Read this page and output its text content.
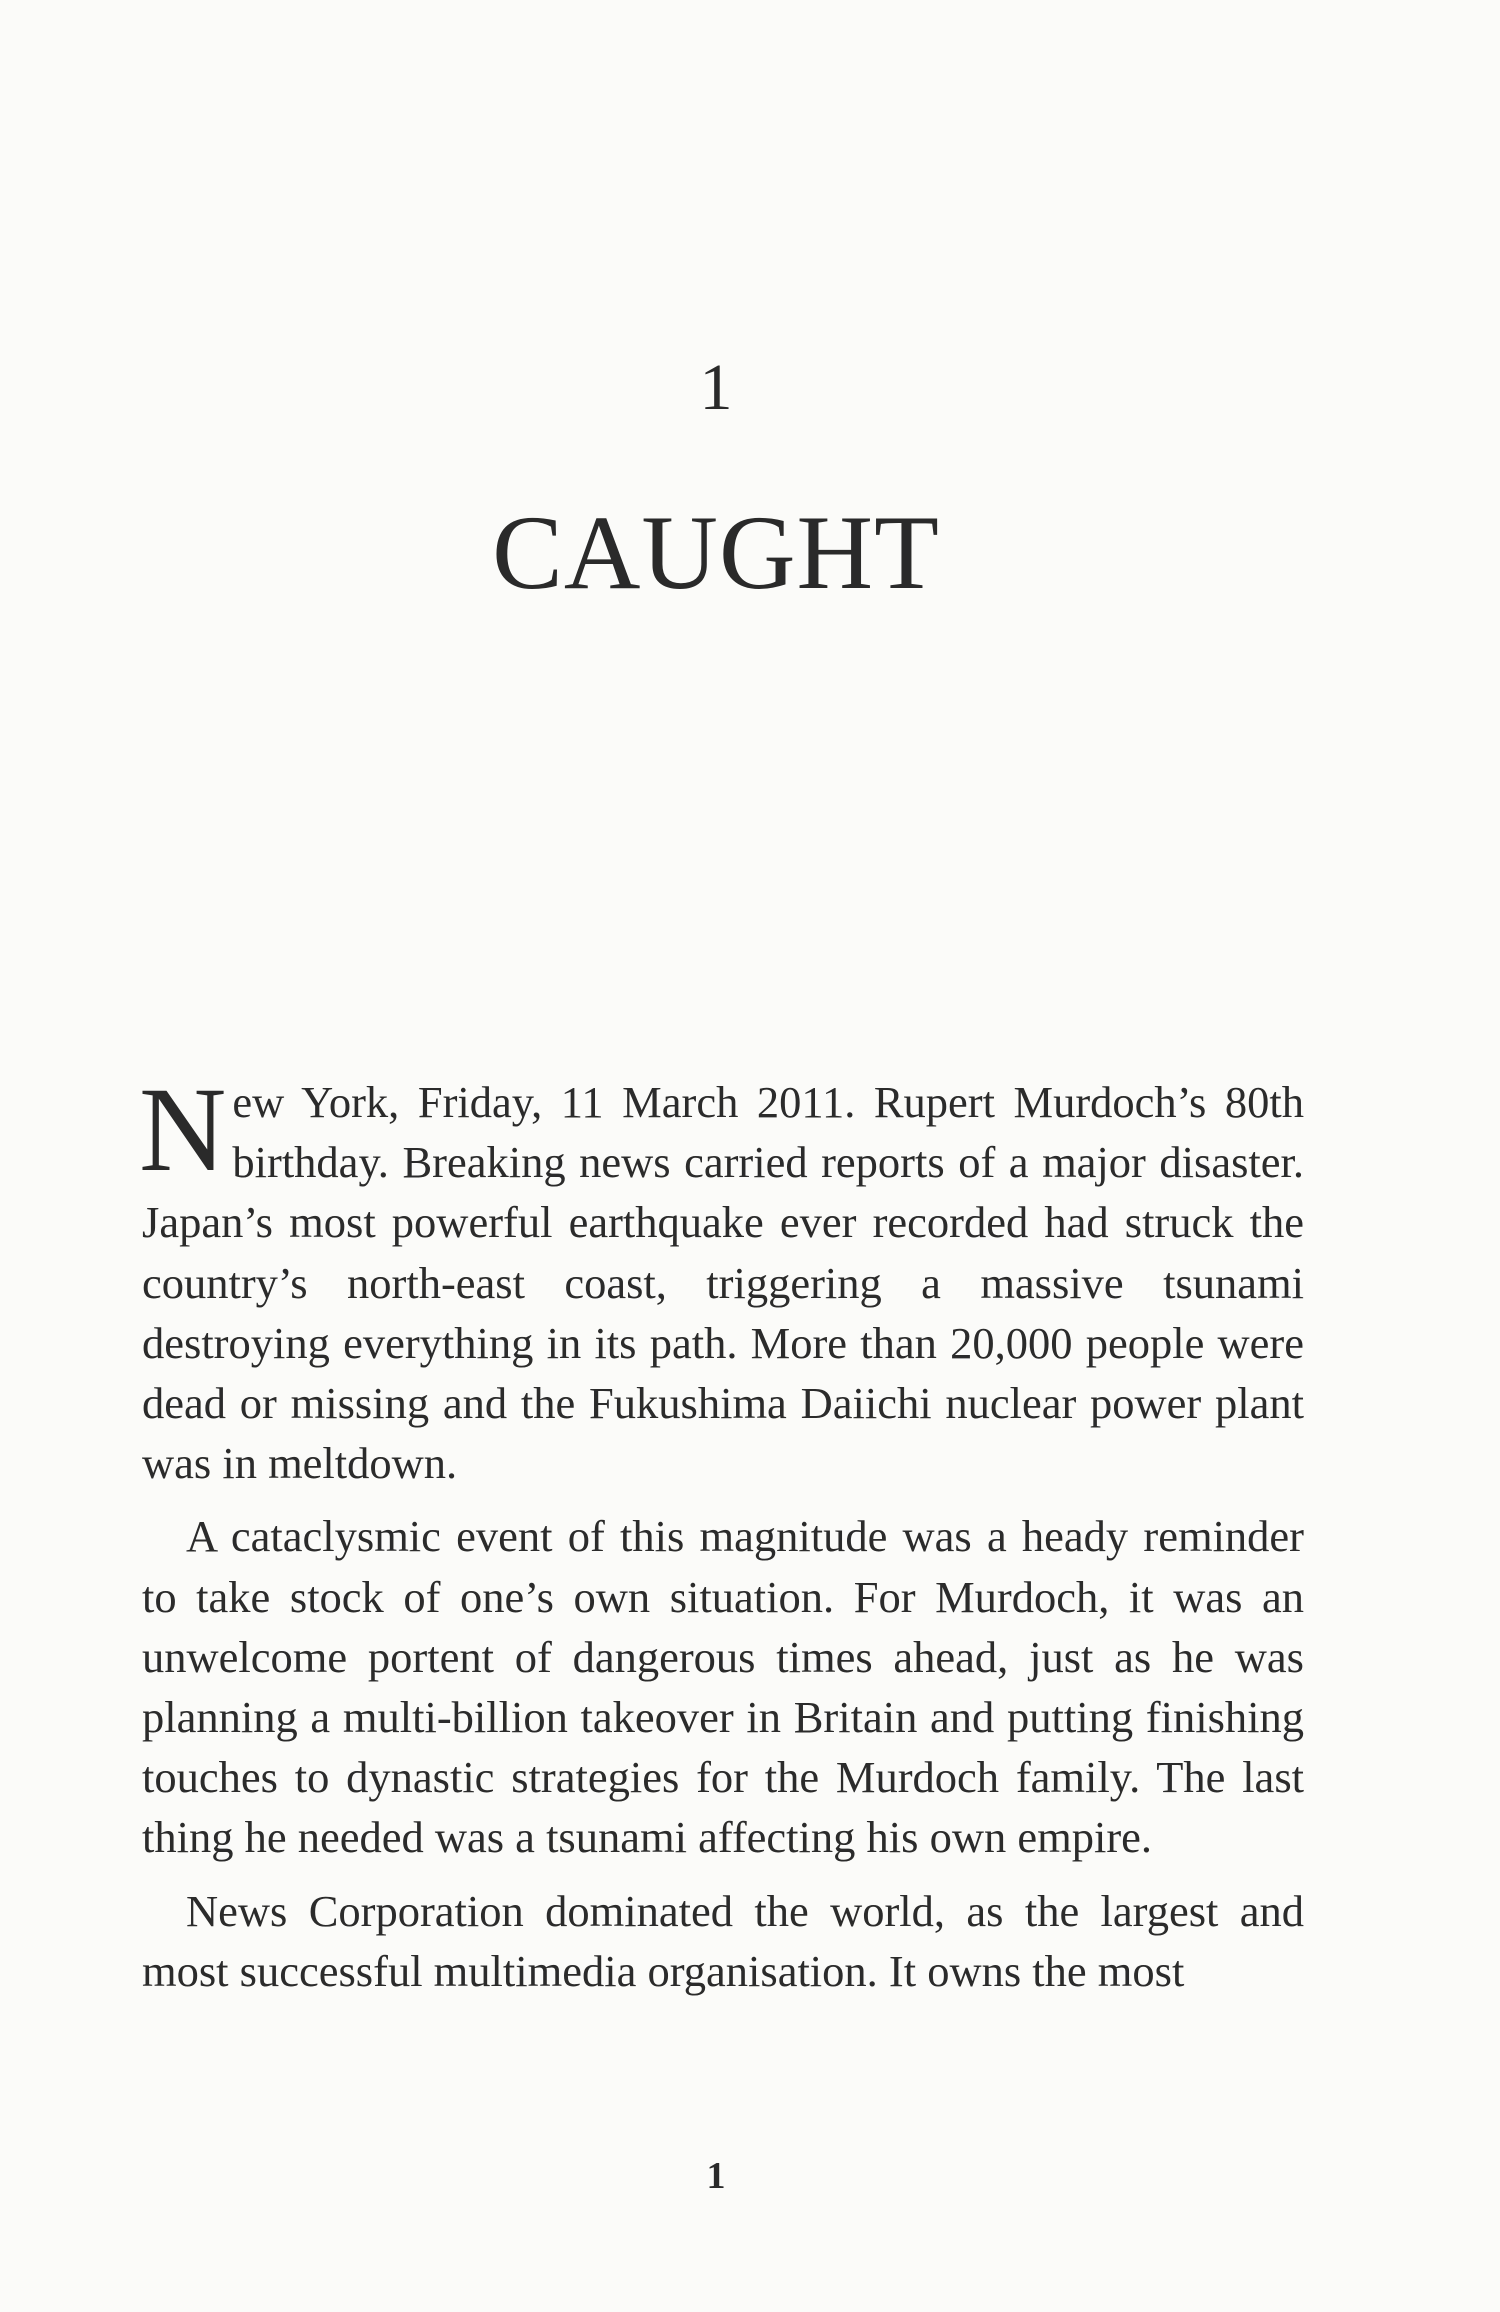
1
CAUGHT

New York, Friday, 11 March 2011. Rupert Murdoch’s 80th birthday. Breaking news carried reports of a major disaster. Japan’s most powerful earthquake ever recorded had struck the country’s north-east coast, triggering a massive tsunami destroying everything in its path. More than 20,000 people were dead or missing and the Fukushima Daiichi nuclear power plant was in meltdown.

A cataclysmic event of this magnitude was a heady reminder to take stock of one’s own situation. For Murdoch, it was an unwelcome portent of dangerous times ahead, just as he was planning a multi-billion takeover in Britain and putting finishing touches to dynastic strategies for the Murdoch family. The last thing he needed was a tsunami affecting his own empire.

News Corporation dominated the world, as the largest and most successful multimedia organisation. It owns the most

1
